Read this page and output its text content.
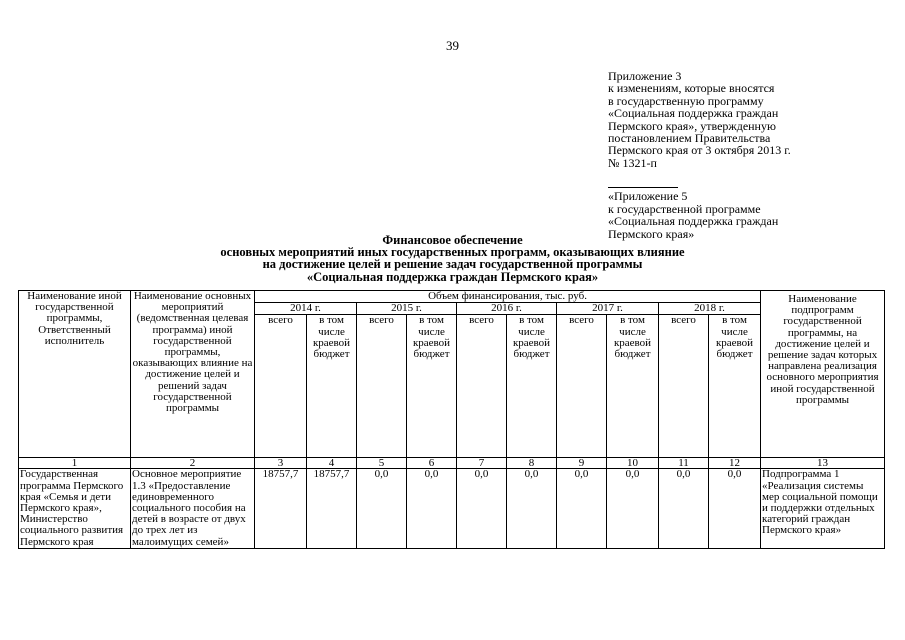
39
Приложение 3
к изменениям, которые вносятся
в государственную программу
«Социальная поддержка граждан
Пермского края», утвержденную
постановлением Правительства
Пермского края от 3 октября 2013 г.
№ 1321-п
«Приложение 5
к государственной программе
«Социальная поддержка граждан
Пермского края»
Финансовое обеспечение
основных мероприятий иных государственных программ, оказывающих влияние
на достижение целей и решение задач государственной программы
«Социальная поддержка граждан Пермского края»
Наименование иной государственной программы, Ответственный исполнитель	Наименование основных мероприятий (ведомственная целевая программа) иной государственной программы, оказывающих влияние на достижение целей и решений задач государственной программы	Объем финансирования, тыс. руб.										Наименование подпрограмм государственной программы, на достижение целей и решение задач которых направлена реализация основного мероприятия иной государственной программы
		2014 г.		2015 г.		2016 г.		2017 г.		2018 г.		
		всего	в том числе краевой бюджет	всего	в том числе краевой бюджет	всего	в том числе краевой бюджет	всего	в том числе краевой бюджет	всего	в том числе краевой бюджет	
1	2	3	4	5	6	7	8	9	10	11	12	13
Государственная программа Пермского края «Семья и дети Пермского края», Министерство социального развития Пермского края	Основное мероприятие 1.3 «Предоставление единовременного социального пособия на детей в возрасте от двух до трех лет из малоимущих семей»	18757,7	18757,7	0,0	0,0	0,0	0,0	0,0	0,0	0,0	0,0	Подпрограмма 1 «Реализация системы мер социальной помощи и поддержки отдельных категорий граждан Пермского края»
